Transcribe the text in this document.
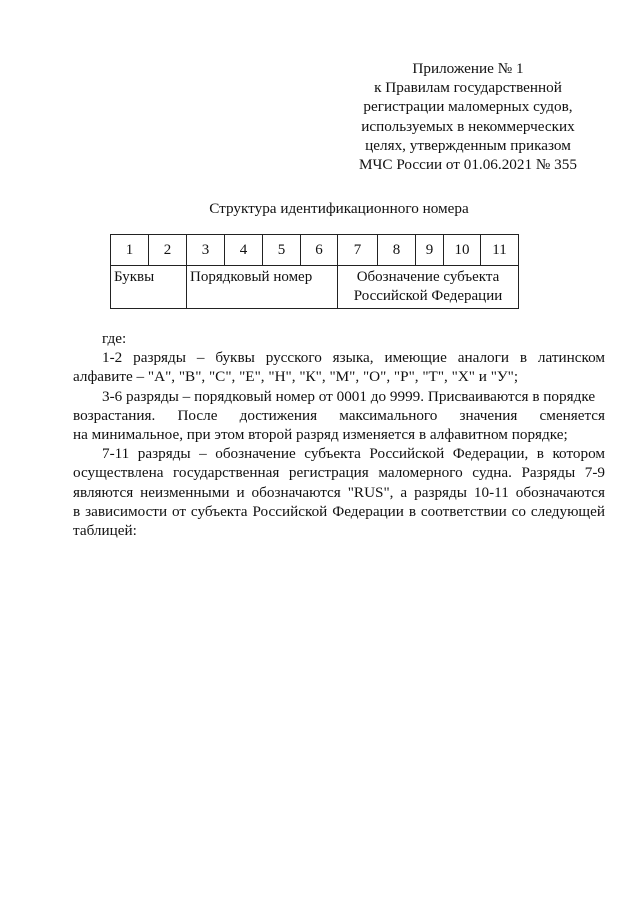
Приложение № 1
к Правилам государственной
регистрации маломерных судов,
используемых в некоммерческих
целях, утвержденным приказом
МЧС России от 01.06.2021 № 355
Структура идентификационного номера
1	2	3	4	5	6	7	8	9	10	11
Буквы		Порядковый номер				Обозначение субъекта Российской Федерации				
где:
1-2 разряды – буквы русского языка, имеющие аналоги в латинском
алфавите – "А", "В", "С", "Е", "Н", "К", "М", "О", "Р", "Т", "Х" и "У";
3-6 разряды – порядковый номер от 0001 до 9999. Присваиваются в порядке
возрастания. После достижения максимального значения сменяется
на минимальное, при этом второй разряд изменяется в алфавитном порядке;
7-11 разряды – обозначение субъекта Российской Федерации, в котором
осуществлена государственная регистрация маломерного судна. Разряды 7-9
являются неизменными и обозначаются "RUS", а разряды 10-11 обозначаются
в зависимости от субъекта Российской Федерации в соответствии со следующей
таблицей:
